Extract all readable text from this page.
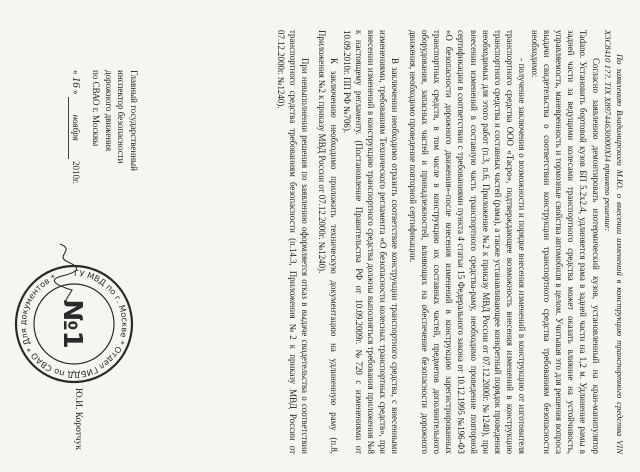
По заявлению Владимирского М.Ю. о внесении изменений в конструкцию транспортного средства VIN X3C8410 1??. TIX X89744630000XI4 принято решение:

Согласно заявлению демонтировать изотермический кузов, установленный на кран-манипулятор Tadano. Установить бортовой кузов БП 5.2х2.4, удлиняется рама в задней части на 1,2 м. Удлинение рамы в задней части за ведущими колесами транспортного средства может оказать влияние на устойчивость, управляемость, маневренность и тормозные свойства автомобиля в целом. Учитывая это для решения вопроса выдачи свидетельства о соответствии конструкции транспортного средства требованиям безопасности необходимо:

- получение заключения о возможности и порядке внесения изменений в конструкцию от изготовителя транспортного средства ООО «Тасро», подтверждающее возможность внесения изменений в конструкцию транспортного средства и составных частей (рама), а также устанавливающее конкретный порядок проведения необходимых для этого работ (п.3, п.6, Приложение №2 к приказу МВД России от 07.12.2000г. №1240), при внесении изменений в составную часть транспортного средства-раму, необходимо проведение повторной сертификации в соответствии с требованиями пункта 4 статьи 15 Федерального закона от 10.12.1995 №196-ФЗ «О безопасности дорожного движения»-после внесения изменений в конструкцию зарегистрированных транспортных средств, в том числе в конструкцию их составных частей, предметов дополнительного оборудования, запасных частей и принадлежностей, влияющих на обеспечение безопасности дорожного движения, необходимо проведение повторной сертификации.

В заключении необходимо отразить соответствие конструкции транспортного средства, с внесенными изменениями, требованиям Технического регламента «О безопасности колесных транспортных средств», при внесении изменений в конструкцию транспортного средства должны выполняться требования приложения №8 к настоящему регламенту. (Постановление Правительства РФ от 10.09.2009г. №720 с изменениями от 10.09.2010г. ПП РФ №706).

К заключению необходимо приложить техническую документацию на удлиненную раму (п.8, Приложения №2 к приказу МВД России от 07.12.2000г. №1240).

При невыполнении решения по заявлению оформляется отказ в выдаче свидетельства о соответствии транспортного средства требованиям безопасности (п.14.3, Приложения №2 к приказу МВД России от 07.12.2000г. №1240).

Главный государственный
инспектор безопасности
дорожного движения
по СВАО г. Москвы
« 16 » ноября 2010г.
ГУ МВД по г. Москве * Отдел ГИБДД по СВАО * Для документов *
№1
Ю.И. Коротчук
